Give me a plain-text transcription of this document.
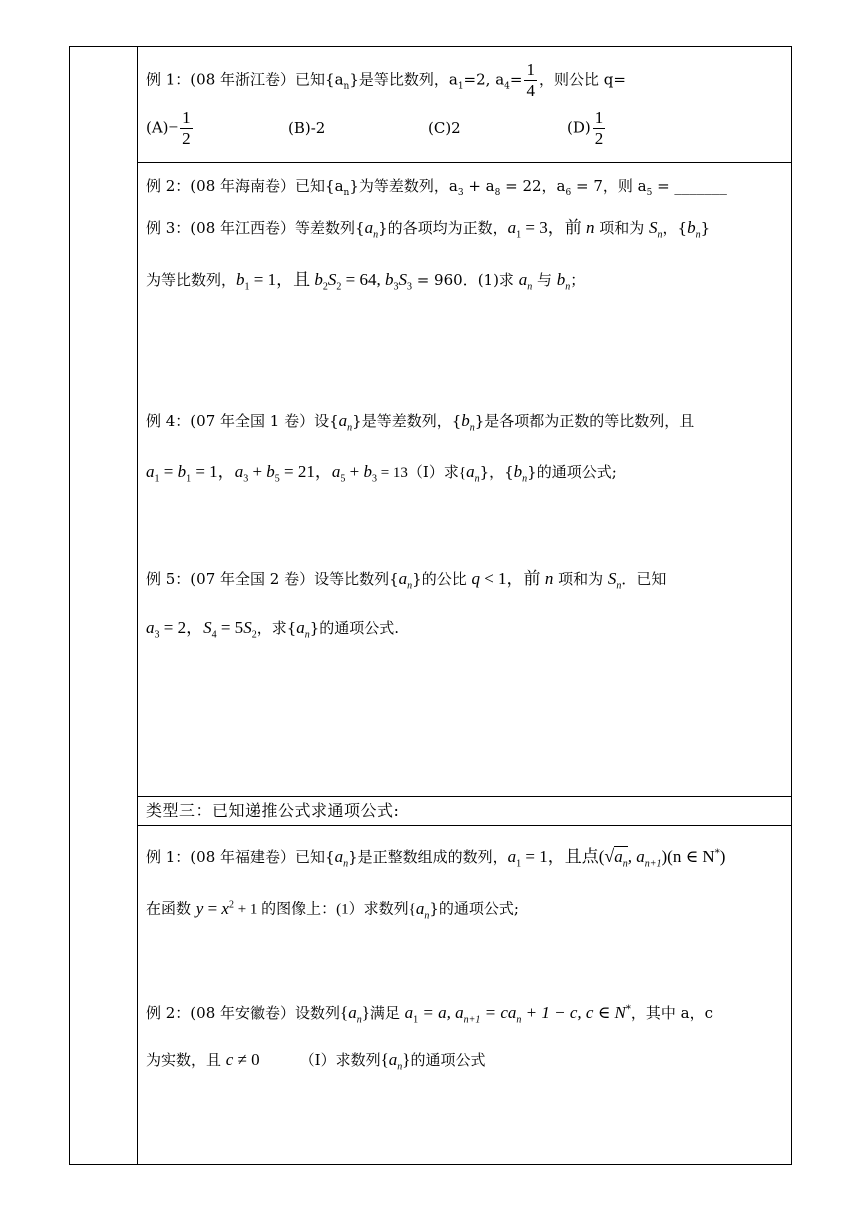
例 1：(08 年浙江卷）已知$\{a_n\}$是等比数列，$a_1=2$, $a_4= \frac{1}{4}$ ，则公比 q=
$(A)- \frac{1}{2}$	(B)-2	(C)2	$(D) \frac{1}{2}$
例 2：(08 年海南卷）已知$\{a_n\}$为等差数列，$a_3 + a_8 = 22$，$a_6 = 7$，则 $a_5$ = _______
例 3：(08 年江西卷）等差数列$\{a_n\}$的各项均为正数，$a_1 = 3$，前 n 项和为 $S_n$，$\{b_n\}$
为等比数列，$b_1 = 1$，且 $b_2S_2 = 64$, $b_3S_3 = 960$．(1)求 $a_n$ 与 $b_n$；
例 4：(07 年全国 1 卷）设$\{a_n\}$是等差数列，$\{b_n\}$是各项都为正数的等比数列，且
$a_1 = b_1 = 1$，$a_3 + b_5 = 21$，$a_5 + b_3$ = 13（Ⅰ）求$\{a_n\}$，$\{b_n\}$的通项公式;
例 5：(07 年全国 2 卷）设等比数列$\{a_n\}$的公比 q < 1，前 n 项和为 $S_n$．已知
$a_3 = 2$，$S_4 = 5S_2$，求$\{a_n\}$的通项公式.
类型三：已知递推公式求通项公式:
例 1：(08 年福建卷）已知$\{a_n\}$是正整数组成的数列，$a_1 = 1$，且点($√a_n$, $a_{n+1})(n$ ∈ N*)
在函数 $y = x^2 + 1$ 的图像上：(1）求数列$\{a_n\}$的通项公式;
例 2：(08 年安徽卷）设数列$\{a_n\}$满足 $a_1 = a$, $a_{n+1} = ca_n + 1 - c$, c ∈ N*，其中 a，c
为实数，且 c ≠ 0	（Ⅰ）求数列$\{a_n\}$的通项公式
